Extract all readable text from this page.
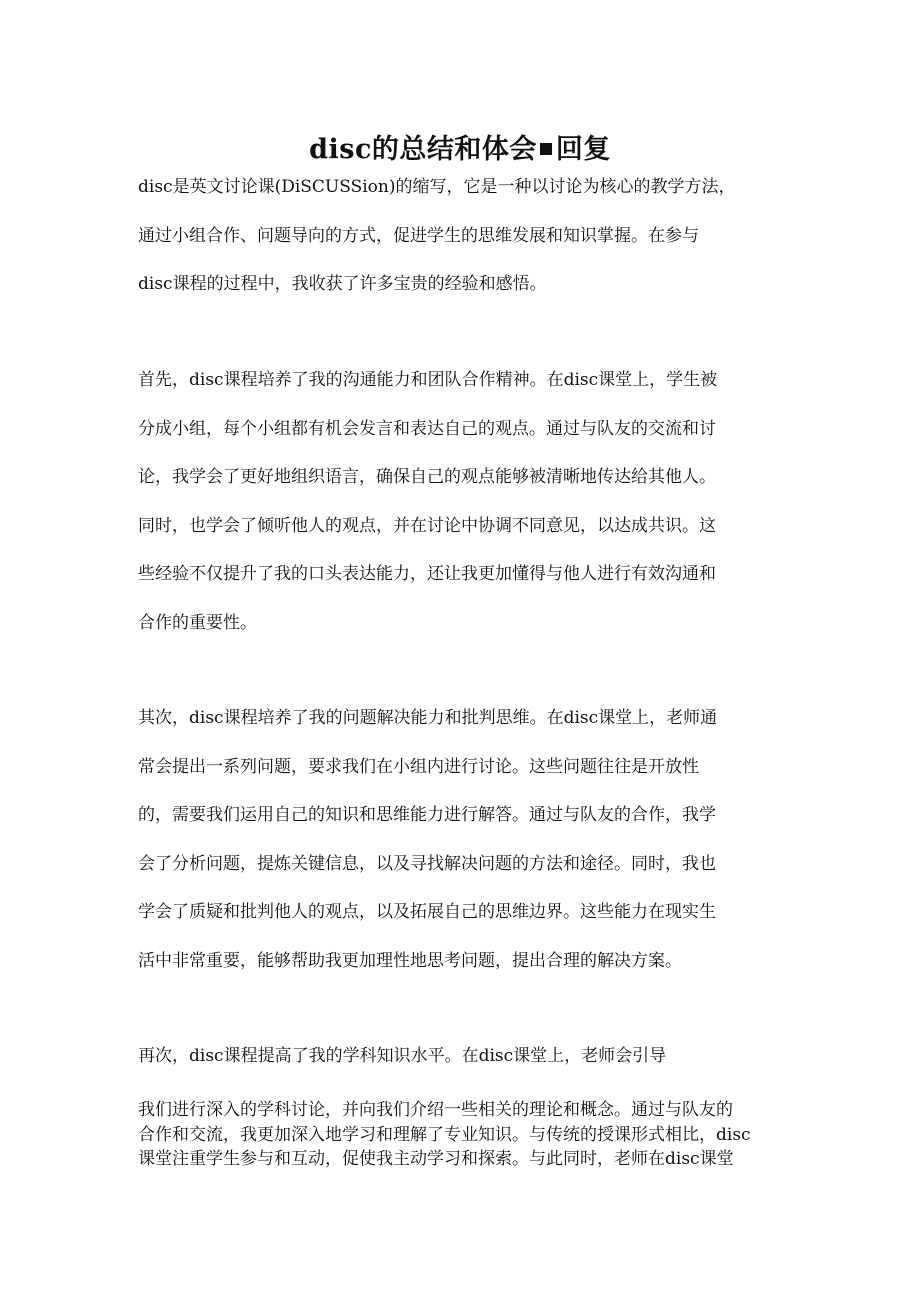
disc的总结和体会 回复
disc是英文讨论课(DiSCUSSion)的缩写，它是一种以讨论为核心的教学方法，
通过小组合作、问题导向的方式，促进学生的思维发展和知识掌握。在参与
disc课程的过程中，我收获了许多宝贵的经验和感悟。
首先，disc课程培养了我的沟通能力和团队合作精神。在disc课堂上，学生被
分成小组，每个小组都有机会发言和表达自己的观点。通过与队友的交流和讨
论，我学会了更好地组织语言，确保自己的观点能够被清晰地传达给其他人。
同时，也学会了倾听他人的观点，并在讨论中协调不同意见，以达成共识。这
些经验不仅提升了我的口头表达能力，还让我更加懂得与他人进行有效沟通和
合作的重要性。
其次，disc课程培养了我的问题解决能力和批判思维。在disc课堂上，老师通
常会提出一系列问题，要求我们在小组内进行讨论。这些问题往往是开放性
的，需要我们运用自己的知识和思维能力进行解答。通过与队友的合作，我学
会了分析问题，提炼关键信息，以及寻找解决问题的方法和途径。同时，我也
学会了质疑和批判他人的观点，以及拓展自己的思维边界。这些能力在现实生
活中非常重要，能够帮助我更加理性地思考问题，提出合理的解决方案。
再次，disc课程提高了我的学科知识水平。在disc课堂上，老师会引导
我们进行深入的学科讨论，并向我们介绍一些相关的理论和概念。通过与队友的
合作和交流，我更加深入地学习和理解了专业知识。与传统的授课形式相比，disc
课堂注重学生参与和互动，促使我主动学习和探索。与此同时，老师在disc课堂
